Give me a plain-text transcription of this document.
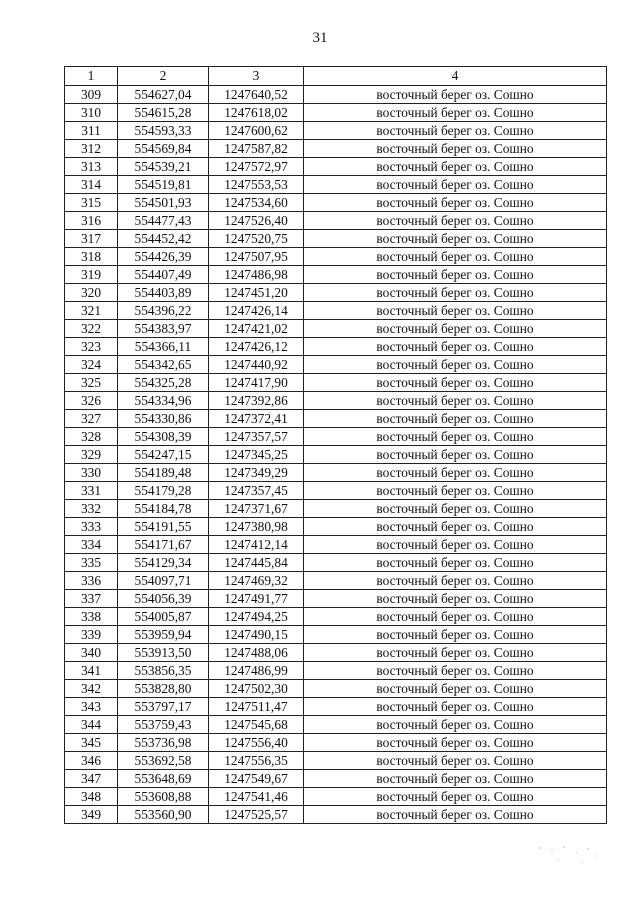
31
1	2	3	4
309	554627,04	1247640,52	восточный берег оз. Сошно
310	554615,28	1247618,02	восточный берег оз. Сошно
311	554593,33	1247600,62	восточный берег оз. Сошно
312	554569,84	1247587,82	восточный берег оз. Сошно
313	554539,21	1247572,97	восточный берег оз. Сошно
314	554519,81	1247553,53	восточный берег оз. Сошно
315	554501,93	1247534,60	восточный берег оз. Сошно
316	554477,43	1247526,40	восточный берег оз. Сошно
317	554452,42	1247520,75	восточный берег оз. Сошно
318	554426,39	1247507,95	восточный берег оз. Сошно
319	554407,49	1247486,98	восточный берег оз. Сошно
320	554403,89	1247451,20	восточный берег оз. Сошно
321	554396,22	1247426,14	восточный берег оз. Сошно
322	554383,97	1247421,02	восточный берег оз. Сошно
323	554366,11	1247426,12	восточный берег оз. Сошно
324	554342,65	1247440,92	восточный берег оз. Сошно
325	554325,28	1247417,90	восточный берег оз. Сошно
326	554334,96	1247392,86	восточный берег оз. Сошно
327	554330,86	1247372,41	восточный берег оз. Сошно
328	554308,39	1247357,57	восточный берег оз. Сошно
329	554247,15	1247345,25	восточный берег оз. Сошно
330	554189,48	1247349,29	восточный берег оз. Сошно
331	554179,28	1247357,45	восточный берег оз. Сошно
332	554184,78	1247371,67	восточный берег оз. Сошно
333	554191,55	1247380,98	восточный берег оз. Сошно
334	554171,67	1247412,14	восточный берег оз. Сошно
335	554129,34	1247445,84	восточный берег оз. Сошно
336	554097,71	1247469,32	восточный берег оз. Сошно
337	554056,39	1247491,77	восточный берег оз. Сошно
338	554005,87	1247494,25	восточный берег оз. Сошно
339	553959,94	1247490,15	восточный берег оз. Сошно
340	553913,50	1247488,06	восточный берег оз. Сошно
341	553856,35	1247486,99	восточный берег оз. Сошно
342	553828,80	1247502,30	восточный берег оз. Сошно
343	553797,17	1247511,47	восточный берег оз. Сошно
344	553759,43	1247545,68	восточный берег оз. Сошно
345	553736,98	1247556,40	восточный берег оз. Сошно
346	553692,58	1247556,35	восточный берег оз. Сошно
347	553648,69	1247549,67	восточный берег оз. Сошно
348	553608,88	1247541,46	восточный берег оз. Сошно
349	553560,90	1247525,57	восточный берег оз. Сошно
